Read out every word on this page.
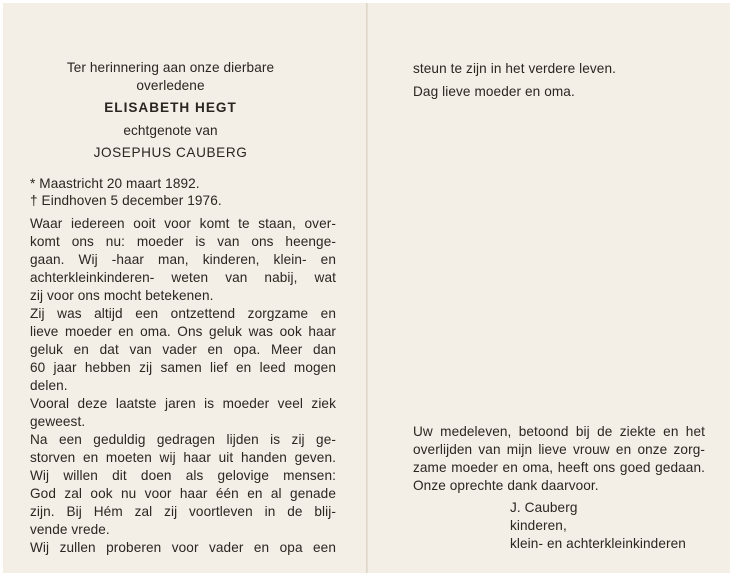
Ter herinnering aan onze dierbare
overledene
ELISABETH HEGT
echtgenote van
JOSEPHUS CAUBERG
* Maastricht 20 maart 1892.
† Eindhoven 5 december 1976.
Waar iedereen ooit voor komt te staan, over-
komt ons nu: moeder is van ons heenge-
gaan. Wij -haar man, kinderen, klein- en
achterkleinkinderen- weten van nabij, wat
zij voor ons mocht betekenen.
Zij was altijd een ontzettend zorgzame en
lieve moeder en oma. Ons geluk was ook haar
geluk en dat van vader en opa. Meer dan
60 jaar hebben zij samen lief en leed mogen
delen.
Vooral deze laatste jaren is moeder veel ziek
geweest.
Na een geduldig gedragen lijden is zij ge-
storven en moeten wij haar uit handen geven.
Wij willen dit doen als gelovige mensen:
God zal ook nu voor haar één en al genade
zijn. Bij Hém zal zij voortleven in de blij-
vende vrede.
Wij zullen proberen voor vader en opa een
steun te zijn in het verdere leven.
Dag lieve moeder en oma.
Uw medeleven, betoond bij de ziekte en het
overlijden van mijn lieve vrouw en onze zorg-
zame moeder en oma, heeft ons goed gedaan.
Onze oprechte dank daarvoor.
J. Cauberg
kinderen,
klein- en achterkleinkinderen
